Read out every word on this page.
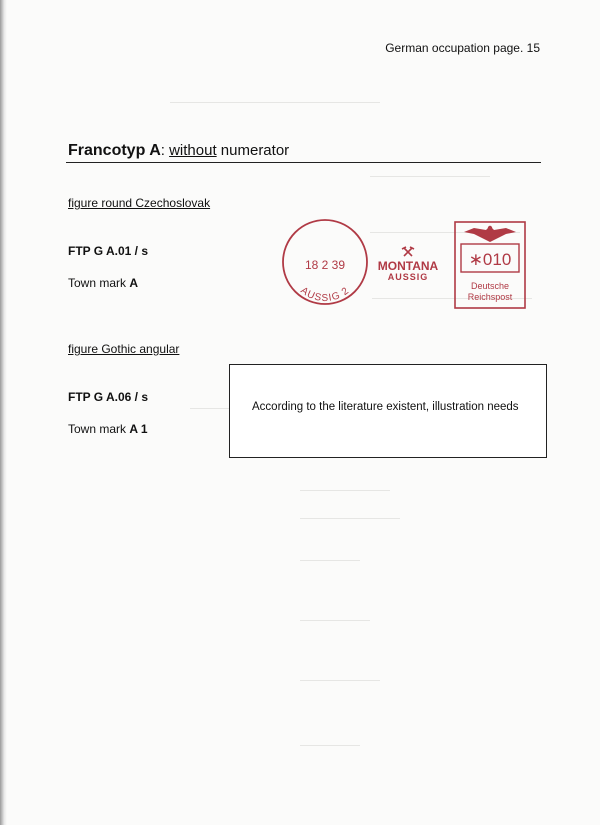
German occupation page. 15
Francotyp A: without numerator
figure round Czechoslovak
FTP G A.01 / s
Town mark A
18 2 39
AUSSIG 2
MONTANA
AUSSIG
∗010
Deutsche
Reichspost
figure Gothic angular
FTP G A.06 / s
Town mark A 1
According to the literature existent, illustration needs
